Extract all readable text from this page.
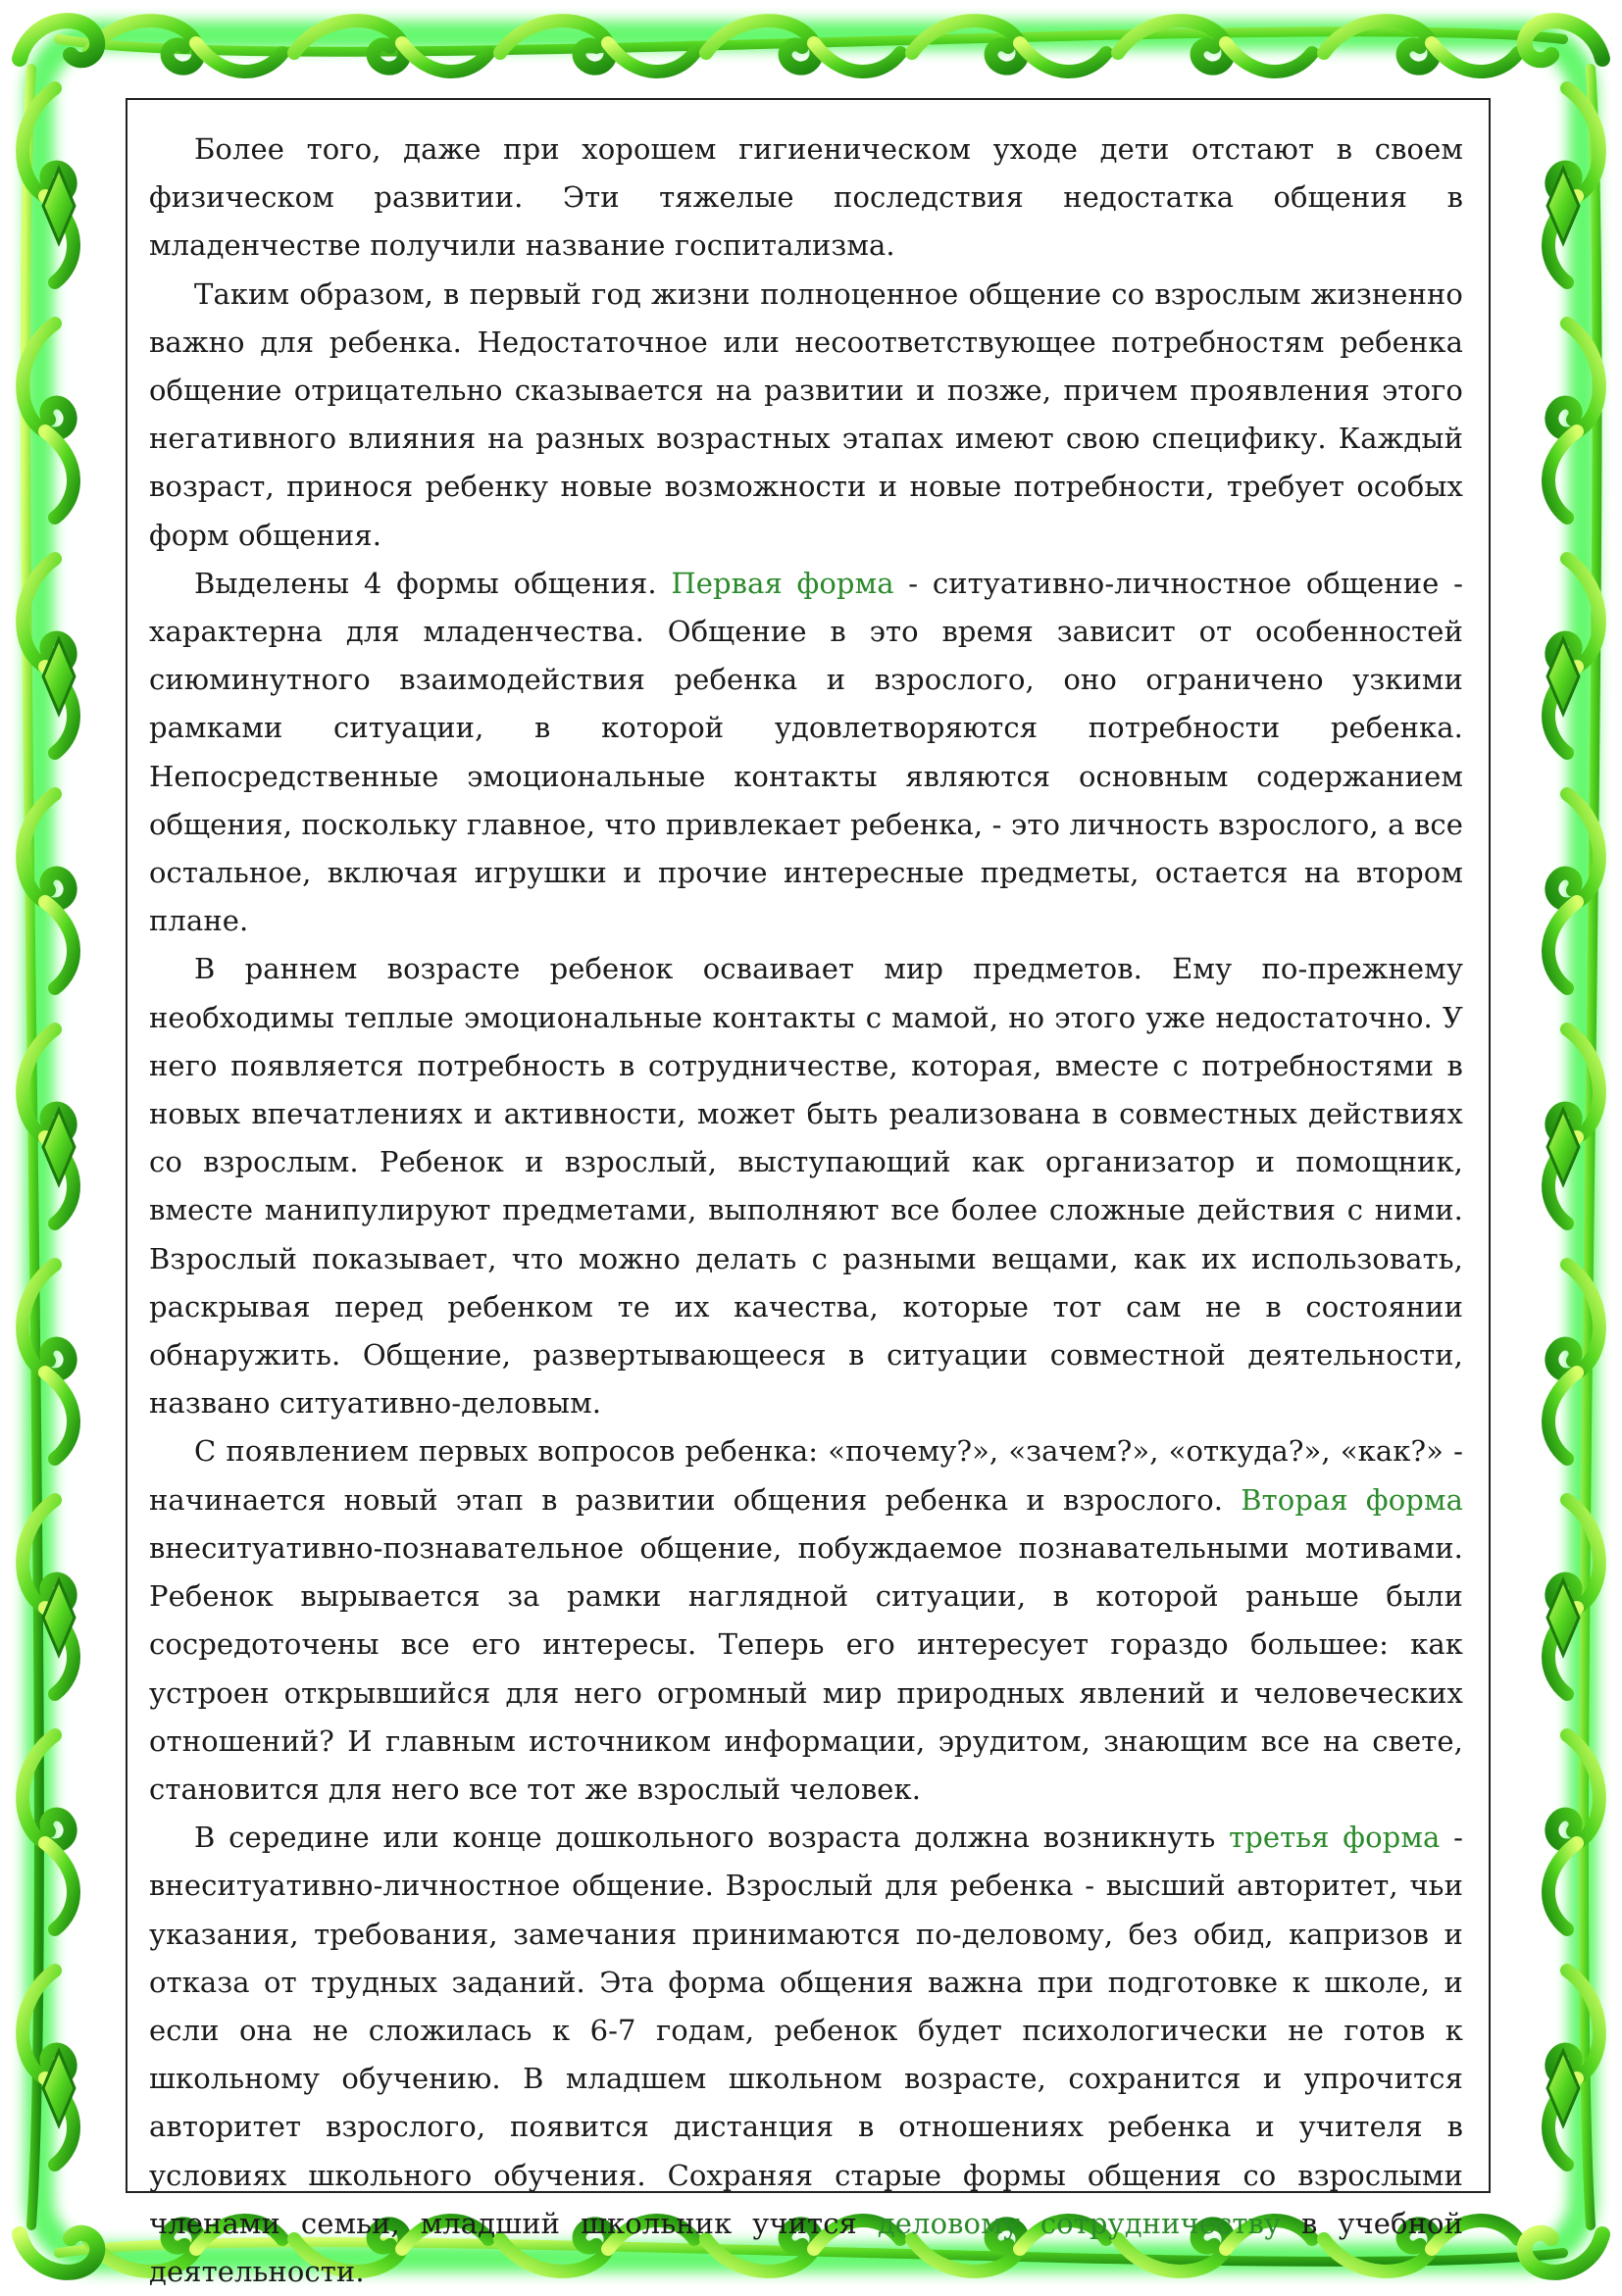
Более того, даже при хорошем гигиеническом уходе дети отстают в своем физическом развитии. Эти тяжелые последствия недостатка общения в младенчестве получили название госпитализма.

Таким образом, в первый год жизни полноценное общение со взрослым жизненно важно для ребенка. Недостаточное или несоответствующее потребностям ребенка общение отрицательно сказывается на развитии и позже, причем проявления этого негативного влияния на разных возрастных этапах имеют свою специфику. Каждый возраст, принося ребенку новые возможности и новые потребности, требует особых форм общения.

Выделены 4 формы общения. Первая форма - ситуативно-личностное общение - характерна для младенчества. Общение в это время зависит от особенностей сиюминутного взаимодействия ребенка и взрослого, оно ограничено узкими рамками ситуации, в которой удовлетворяются потребности ребенка. Непосредственные эмоциональные контакты являются основным содержанием общения, поскольку главное, что привлекает ребенка, - это личность взрослого, а все остальное, включая игрушки и прочие интересные предметы, остается на втором плане.

В раннем возрасте ребенок осваивает мир предметов. Ему по-прежнему необходимы теплые эмоциональные контакты с мамой, но этого уже недостаточно. У него появляется потребность в сотрудничестве, которая, вместе с потребностями в новых впечатлениях и активности, может быть реализована в совместных действиях со взрослым. Ребенок и взрослый, выступающий как организатор и помощник, вместе манипулируют предметами, выполняют все более сложные действия с ними. Взрослый показывает, что можно делать с разными вещами, как их использовать, раскрывая перед ребенком те их качества, которые тот сам не в состоянии обнаружить. Общение, развертывающееся в ситуации совместной деятельности, названо ситуативно-деловым.

С появлением первых вопросов ребенка: «почему?», «зачем?», «откуда?», «как?» - начинается новый этап в развитии общения ребенка и взрослого. Вторая форма внеситуативно-познавательное общение, побуждаемое познавательными мотивами. Ребенок вырывается за рамки наглядной ситуации, в которой раньше были сосредоточены все его интересы. Теперь его интересует гораздо большее: как устроен открывшийся для него огромный мир природных явлений и человеческих отношений? И главным источником информации, эрудитом, знающим все на свете, становится для него все тот же взрослый человек.

В середине или конце дошкольного возраста должна возникнуть третья форма - внеситуативно-личностное общение. Взрослый для ребенка - высший авторитет, чьи указания, требования, замечания принимаются по-деловому, без обид, капризов и отказа от трудных заданий. Эта форма общения важна при подготовке к школе, и если она не сложилась к 6-7 годам, ребенок будет психологически не готов к школьному обучению. В младшем школьном возрасте, сохранится и упрочится авторитет взрослого, появится дистанция в отношениях ребенка и учителя в условиях школьного обучения. Сохраняя старые формы общения со взрослыми членами семьи, младший школьник учится деловому сотрудничеству в учебной деятельности.
